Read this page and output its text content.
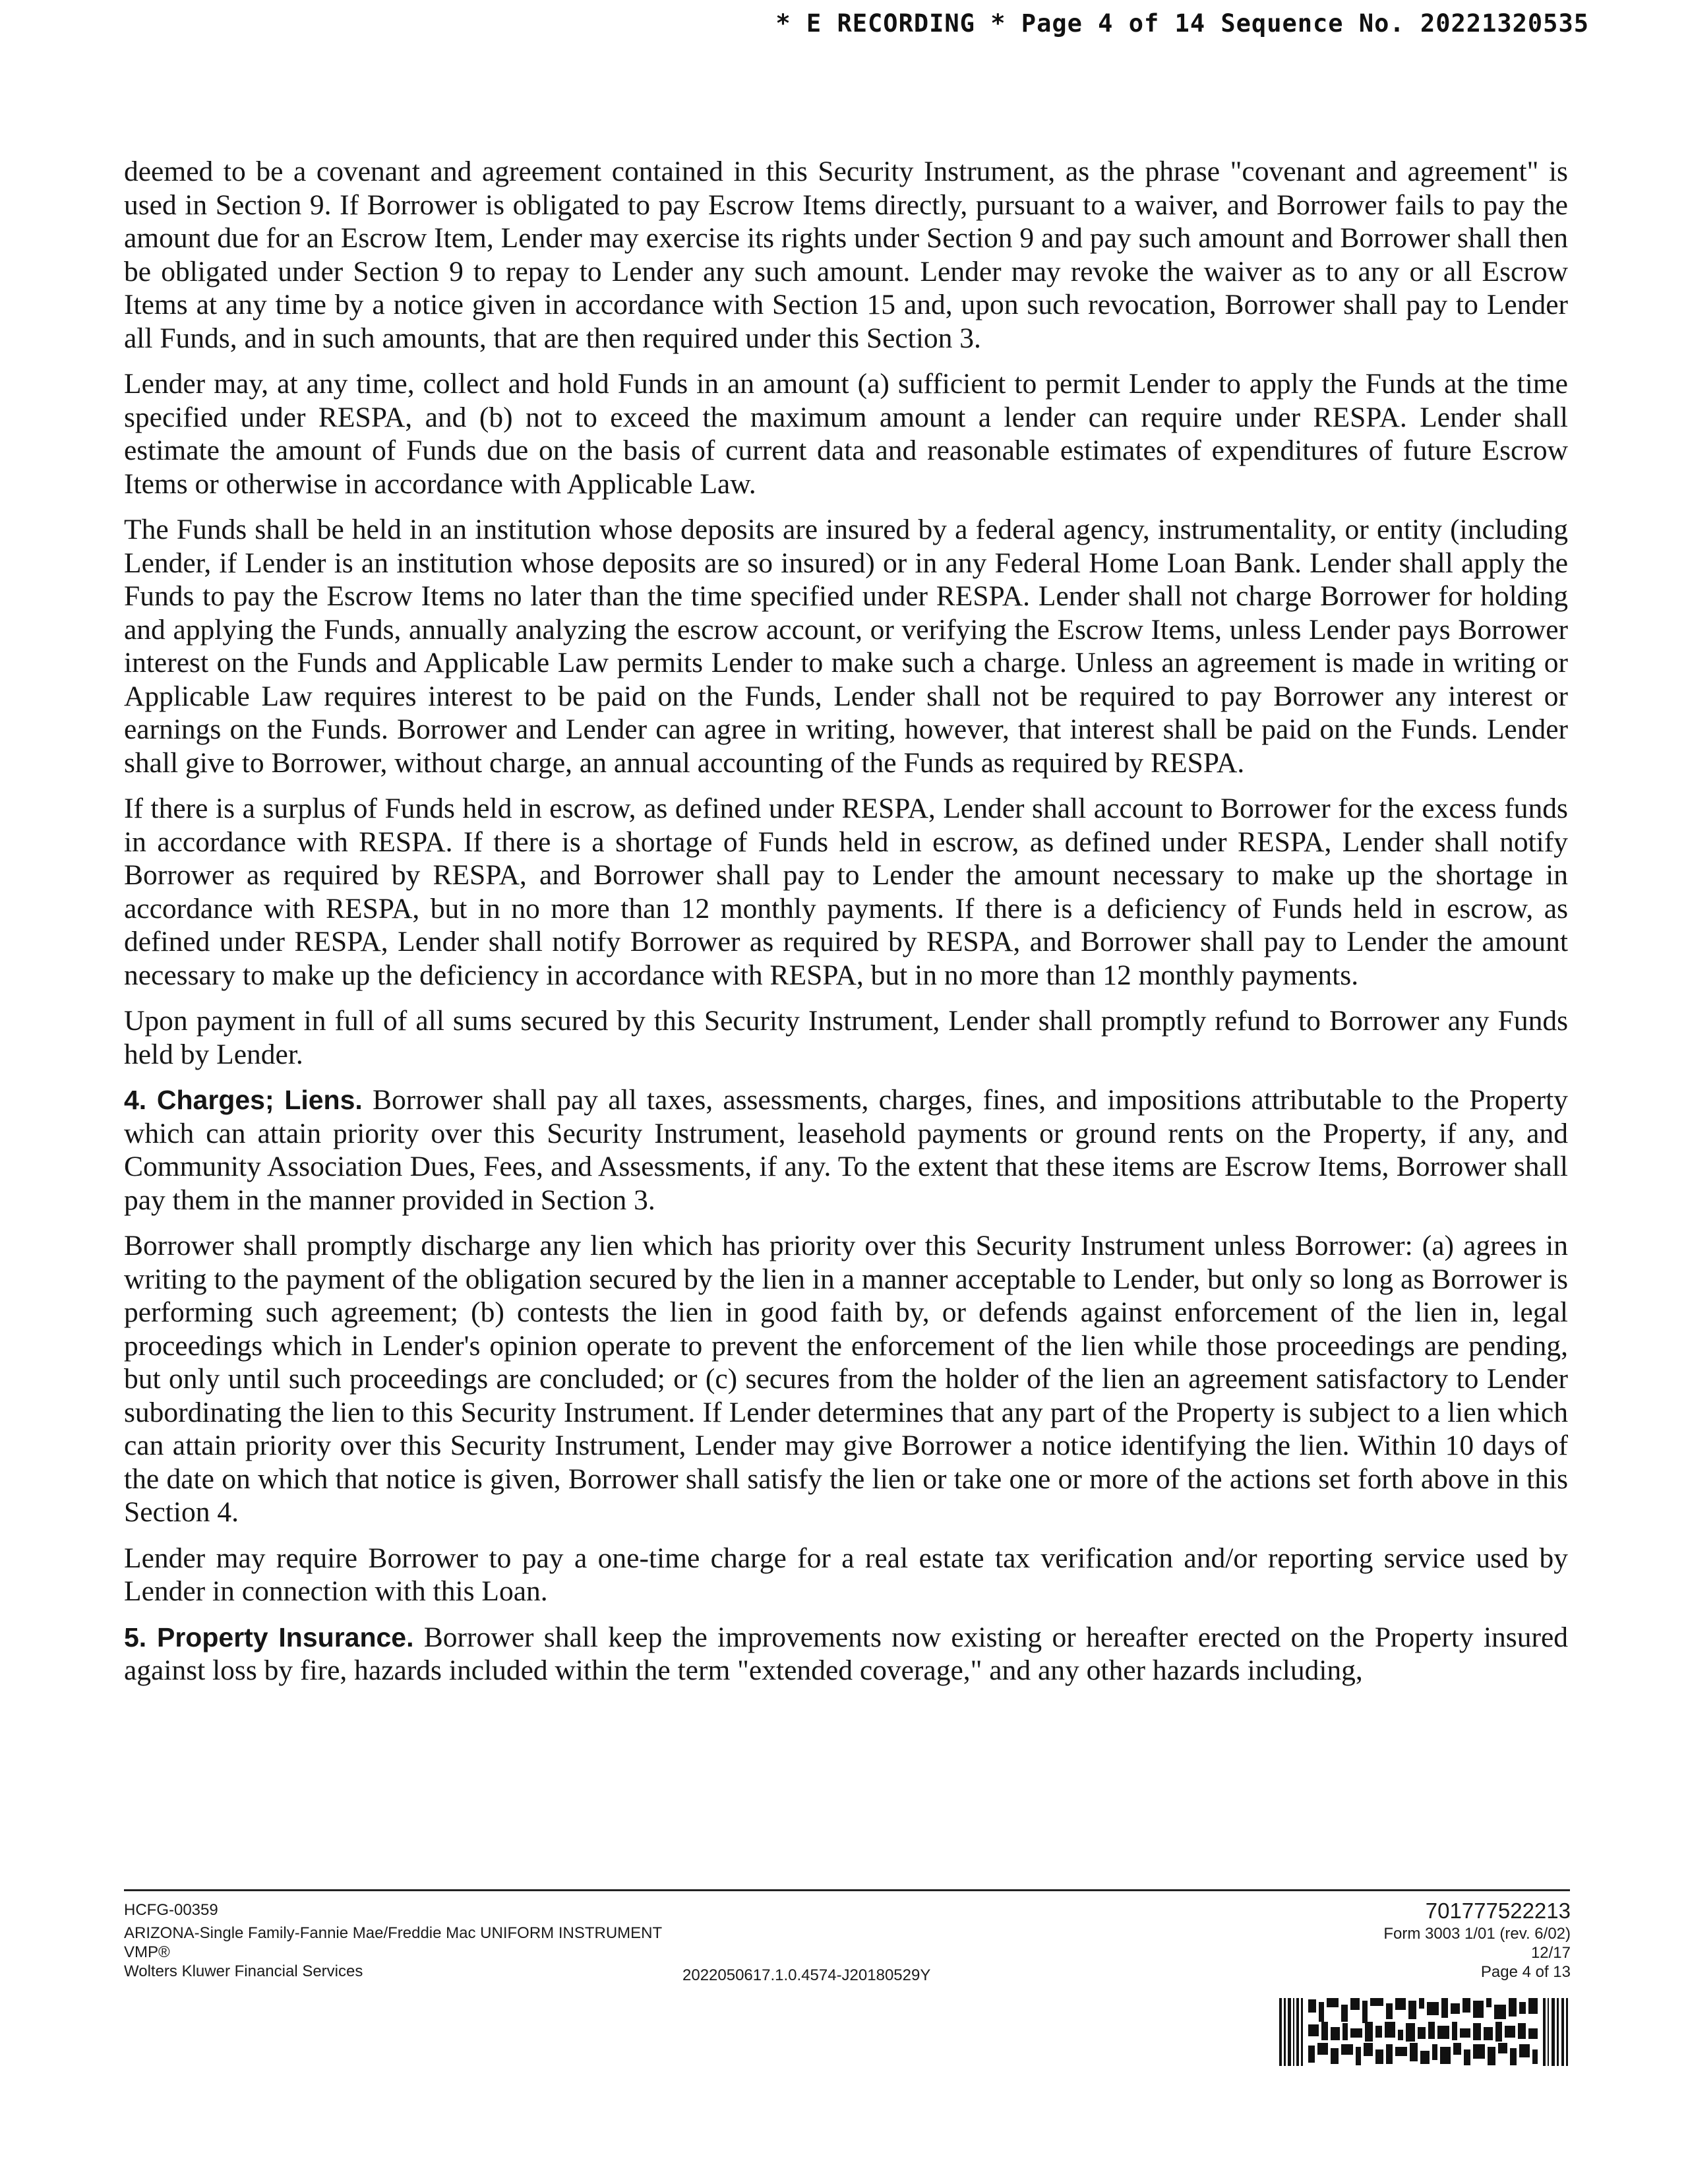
* E RECORDING * Page 4 of 14 Sequence No. 20221320535

deemed to be a covenant and agreement contained in this Security Instrument, as the phrase "covenant and agreement" is used in Section 9. If Borrower is obligated to pay Escrow Items directly, pursuant to a waiver, and Borrower fails to pay the amount due for an Escrow Item, Lender may exercise its rights under Section 9 and pay such amount and Borrower shall then be obligated under Section 9 to repay to Lender any such amount. Lender may revoke the waiver as to any or all Escrow Items at any time by a notice given in accordance with Section 15 and, upon such revocation, Borrower shall pay to Lender all Funds, and in such amounts, that are then required under this Section 3.

Lender may, at any time, collect and hold Funds in an amount (a) sufficient to permit Lender to apply the Funds at the time specified under RESPA, and (b) not to exceed the maximum amount a lender can require under RESPA. Lender shall estimate the amount of Funds due on the basis of current data and reasonable estimates of expenditures of future Escrow Items or otherwise in accordance with Applicable Law.

The Funds shall be held in an institution whose deposits are insured by a federal agency, instrumentality, or entity (including Lender, if Lender is an institution whose deposits are so insured) or in any Federal Home Loan Bank. Lender shall apply the Funds to pay the Escrow Items no later than the time specified under RESPA. Lender shall not charge Borrower for holding and applying the Funds, annually analyzing the escrow account, or verifying the Escrow Items, unless Lender pays Borrower interest on the Funds and Applicable Law permits Lender to make such a charge. Unless an agreement is made in writing or Applicable Law requires interest to be paid on the Funds, Lender shall not be required to pay Borrower any interest or earnings on the Funds. Borrower and Lender can agree in writing, however, that interest shall be paid on the Funds. Lender shall give to Borrower, without charge, an annual accounting of the Funds as required by RESPA.

If there is a surplus of Funds held in escrow, as defined under RESPA, Lender shall account to Borrower for the excess funds in accordance with RESPA. If there is a shortage of Funds held in escrow, as defined under RESPA, Lender shall notify Borrower as required by RESPA, and Borrower shall pay to Lender the amount necessary to make up the shortage in accordance with RESPA, but in no more than 12 monthly payments. If there is a deficiency of Funds held in escrow, as defined under RESPA, Lender shall notify Borrower as required by RESPA, and Borrower shall pay to Lender the amount necessary to make up the deficiency in accordance with RESPA, but in no more than 12 monthly payments.

Upon payment in full of all sums secured by this Security Instrument, Lender shall promptly refund to Borrower any Funds held by Lender.

4. Charges; Liens. Borrower shall pay all taxes, assessments, charges, fines, and impositions attributable to the Property which can attain priority over this Security Instrument, leasehold payments or ground rents on the Property, if any, and Community Association Dues, Fees, and Assessments, if any. To the extent that these items are Escrow Items, Borrower shall pay them in the manner provided in Section 3.

Borrower shall promptly discharge any lien which has priority over this Security Instrument unless Borrower: (a) agrees in writing to the payment of the obligation secured by the lien in a manner acceptable to Lender, but only so long as Borrower is performing such agreement; (b) contests the lien in good faith by, or defends against enforcement of the lien in, legal proceedings which in Lender's opinion operate to prevent the enforcement of the lien while those proceedings are pending, but only until such proceedings are concluded; or (c) secures from the holder of the lien an agreement satisfactory to Lender subordinating the lien to this Security Instrument. If Lender determines that any part of the Property is subject to a lien which can attain priority over this Security Instrument, Lender may give Borrower a notice identifying the lien. Within 10 days of the date on which that notice is given, Borrower shall satisfy the lien or take one or more of the actions set forth above in this Section 4.

Lender may require Borrower to pay a one-time charge for a real estate tax verification and/or reporting service used by Lender in connection with this Loan.

5. Property Insurance. Borrower shall keep the improvements now existing or hereafter erected on the Property insured against loss by fire, hazards included within the term "extended coverage," and any other hazards including,

HCFG-00359
ARIZONA-Single Family-Fannie Mae/Freddie Mac UNIFORM INSTRUMENT
VMP®
Wolters Kluwer Financial Services	2022050617.1.0.4574-J20180529Y
701777522213
Form 3003 1/01 (rev. 6/02)
12/17
Page 4 of 13
